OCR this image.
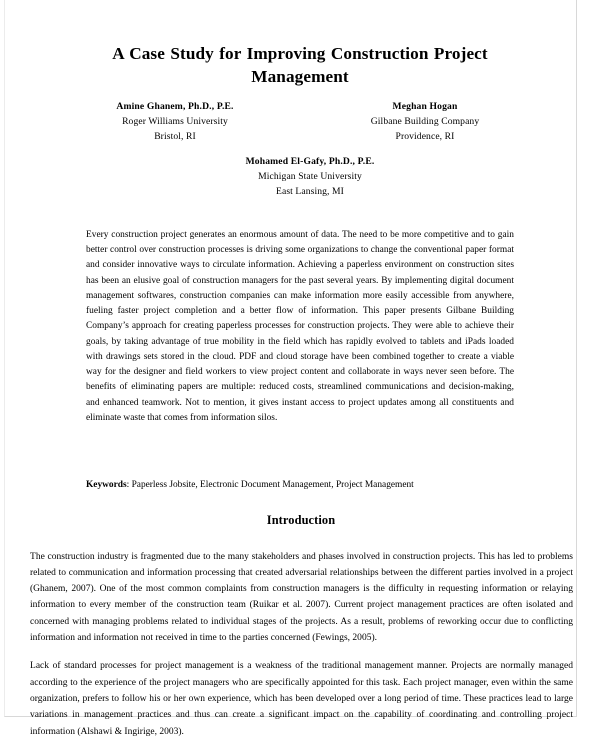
A Case Study for Improving Construction Project Management
Amine Ghanem, Ph.D., P.E.
Roger Williams University
Bristol, RI
Meghan Hogan
Gilbane Building Company
Providence, RI
Mohamed El-Gafy, Ph.D., P.E.
Michigan State University
East Lansing, MI
Every construction project generates an enormous amount of data. The need to be more competitive and to gain better control over construction processes is driving some organizations to change the conventional paper format and consider innovative ways to circulate information. Achieving a paperless environment on construction sites has been an elusive goal of construction managers for the past several years. By implementing digital document management softwares, construction companies can make information more easily accessible from anywhere, fueling faster project completion and a better flow of information. This paper presents Gilbane Building Company’s approach for creating paperless processes for construction projects. They were able to achieve their goals, by taking advantage of true mobility in the field which has rapidly evolved to tablets and iPads loaded with drawings sets stored in the cloud. PDF and cloud storage have been combined together to create a viable way for the designer and field workers to view project content and collaborate in ways never seen before. The benefits of eliminating papers are multiple: reduced costs, streamlined communications and decision-making, and enhanced teamwork. Not to mention, it gives instant access to project updates among all constituents and eliminate waste that comes from information silos.
Keywords: Paperless Jobsite, Electronic Document Management, Project Management
Introduction

The construction industry is fragmented due to the many stakeholders and phases involved in construction projects. This has led to problems related to communication and information processing that created adversarial relationships between the different parties involved in a project (Ghanem, 2007). One of the most common complaints from construction managers is the difficulty in requesting information or relaying information to every member of the construction team (Ruikar et al. 2007). Current project management practices are often isolated and concerned with managing problems related to individual stages of the projects. As a result, problems of reworking occur due to conflicting information and information not received in time to the parties concerned (Fewings, 2005).

Lack of standard processes for project management is a weakness of the traditional management manner. Projects are normally managed according to the experience of the project managers who are specifically appointed for this task. Each project manager, even within the same organization, prefers to follow his or her own experience, which has been developed over a long period of time. These practices lead to large variations in management practices and thus can create a significant impact on the capability of coordinating and controlling project information (Alshawi & Ingirige, 2003).
